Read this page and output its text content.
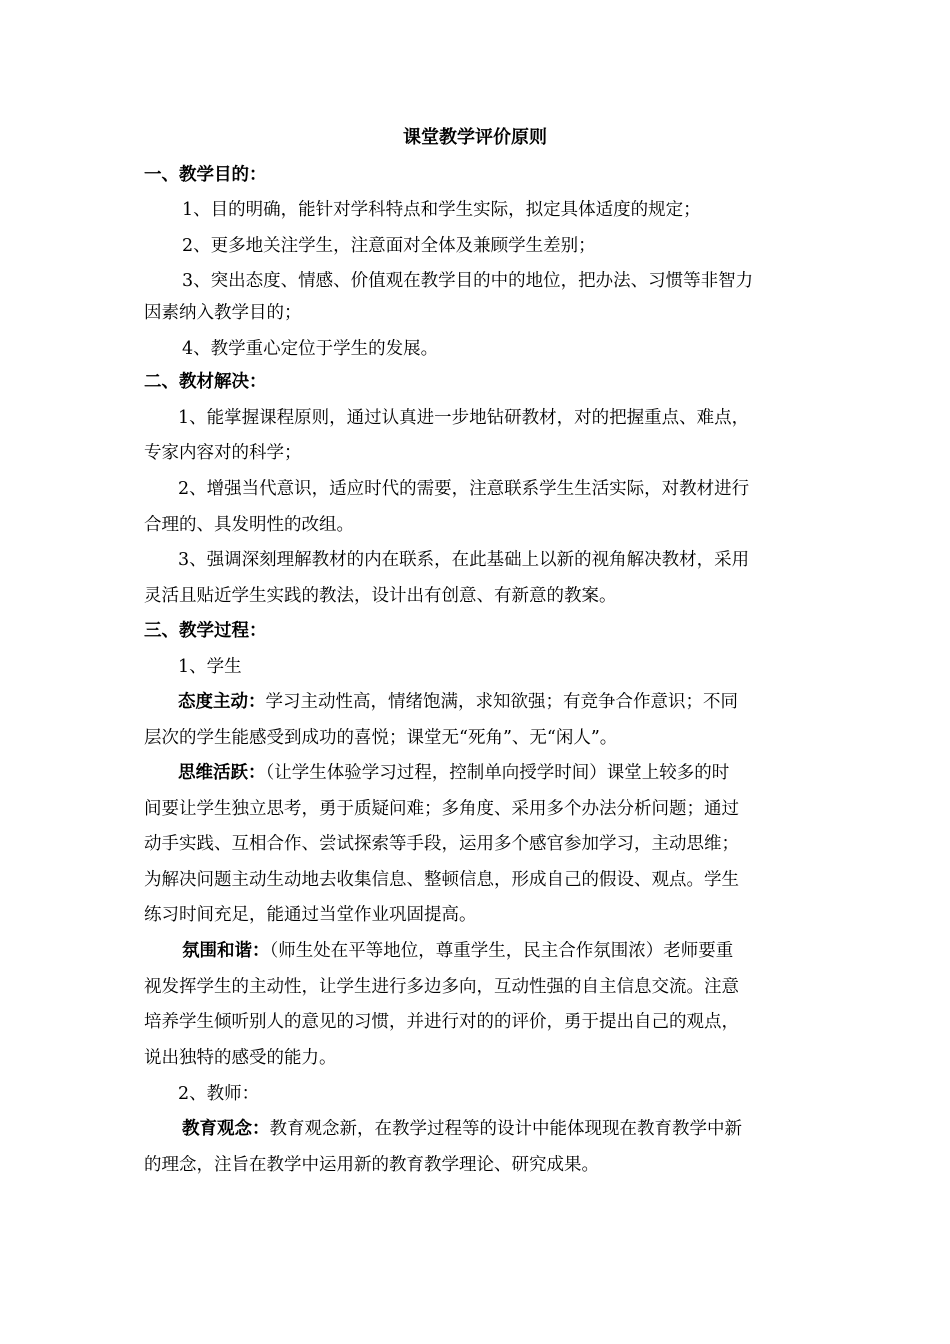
课堂教学评价原则
一、教学目的：
1、目的明确，能针对学科特点和学生实际，拟定具体适度的规定；
2、更多地关注学生，注意面对全体及兼顾学生差别；
3、突出态度、情感、价值观在教学目的中的地位，把办法、习惯等非智力
因素纳入教学目的；
4、教学重心定位于学生的发展。
二、教材解决：
1、能掌握课程原则，通过认真进一步地钻研教材，对的把握重点、难点，
专家内容对的科学；
2、增强当代意识，适应时代的需要，注意联系学生生活实际，对教材进行
合理的、具发明性的改组。
3、强调深刻理解教材的内在联系，在此基础上以新的视角解决教材，采用
灵活且贴近学生实践的教法，设计出有创意、有新意的教案。
三、教学过程：
1、学生
态度主动：学习主动性高，情绪饱满，求知欲强；有竞争合作意识；不同
层次的学生能感受到成功的喜悦；课堂无“死角”、无“闲人”。
思维活跃：（让学生体验学习过程，控制单向授学时间）课堂上较多的时
间要让学生独立思考，勇于质疑问难；多角度、采用多个办法分析问题；通过
动手实践、互相合作、尝试探索等手段，运用多个感官参加学习，主动思维；
为解决问题主动生动地去收集信息、整顿信息，形成自己的假设、观点。学生
练习时间充足，能通过当堂作业巩固提高。
氛围和谐：（师生处在平等地位，尊重学生，民主合作氛围浓）老师要重
视发挥学生的主动性，让学生进行多边多向，互动性强的自主信息交流。注意
培养学生倾听别人的意见的习惯，并进行对的的评价，勇于提出自己的观点，
说出独特的感受的能力。
2、教师：
教育观念：教育观念新，在教学过程等的设计中能体现现在教育教学中新
的理念，注旨在教学中运用新的教育教学理论、研究成果。
